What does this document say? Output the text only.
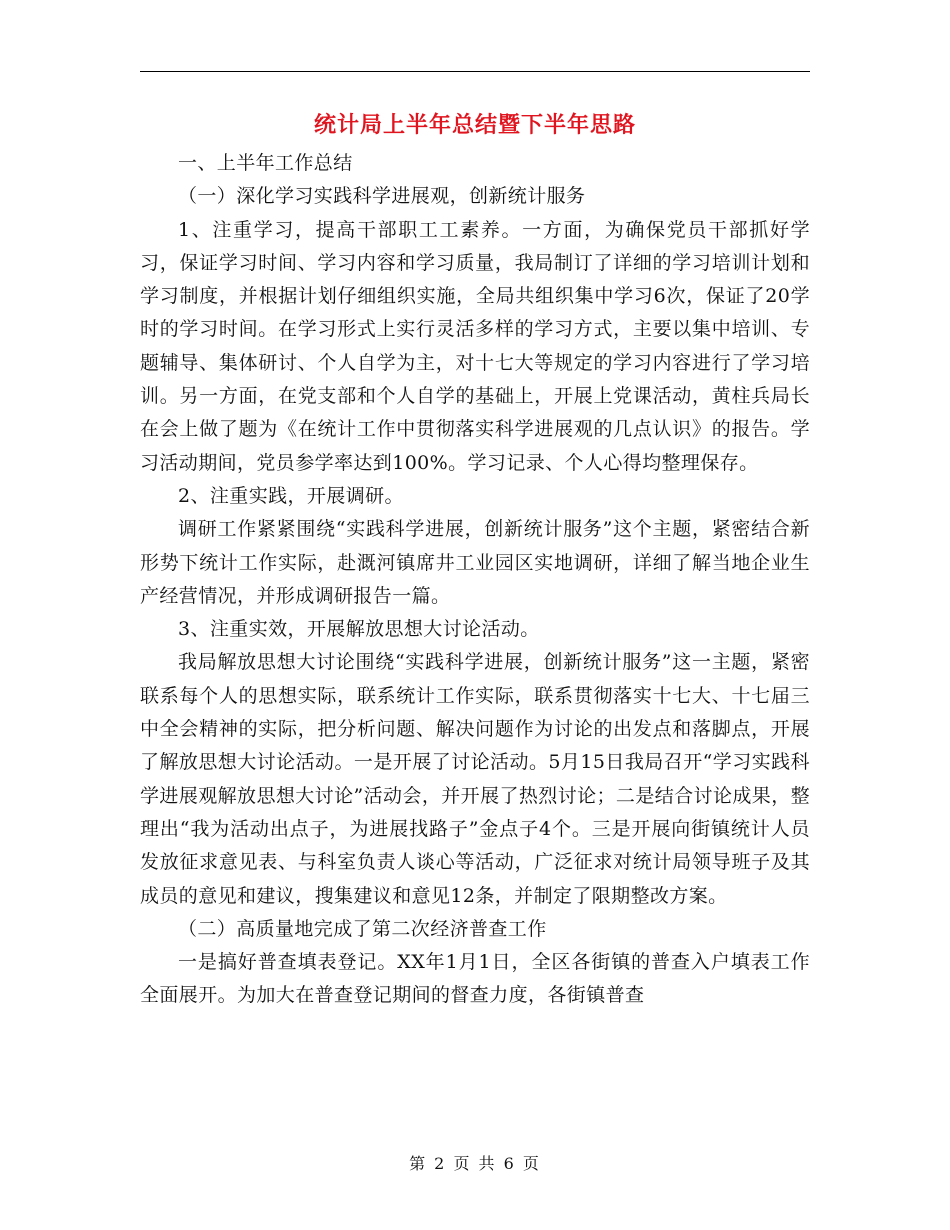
统计局上半年总结暨下半年思路

一、上半年工作总结

（一）深化学习实践科学进展观，创新统计服务

1、注重学习，提高干部职工工素养。一方面，为确保党员干部抓好学习，保证学习时间、学习内容和学习质量，我局制订了详细的学习培训计划和学习制度，并根据计划仔细组织实施，全局共组织集中学习6次，保证了20学时的学习时间。在学习形式上实行灵活多样的学习方式，主要以集中培训、专题辅导、集体研讨、个人自学为主，对十七大等规定的学习内容进行了学习培训。另一方面，在党支部和个人自学的基础上，开展上党课活动，黄柱兵局长在会上做了题为《在统计工作中贯彻落实科学进展观的几点认识》的报告。学习活动期间，党员参学率达到100%。学习记录、个人心得均整理保存。

2、注重实践，开展调研。

调研工作紧紧围绕“实践科学进展，创新统计服务”这个主题，紧密结合新形势下统计工作实际，赴溉河镇席井工业园区实地调研，详细了解当地企业生产经营情况，并形成调研报告一篇。

3、注重实效，开展解放思想大讨论活动。

我局解放思想大讨论围绕“实践科学进展，创新统计服务”这一主题，紧密联系每个人的思想实际，联系统计工作实际，联系贯彻落实十七大、十七届三中全会精神的实际，把分析问题、解决问题作为讨论的出发点和落脚点，开展了解放思想大讨论活动。一是开展了讨论活动。5月15日我局召开“学习实践科学进展观解放思想大讨论”活动会，并开展了热烈讨论；二是结合讨论成果，整理出“我为活动出点子，为进展找路子”金点子4个。三是开展向街镇统计人员发放征求意见表、与科室负责人谈心等活动，广泛征求对统计局领导班子及其成员的意见和建议，搜集建议和意见12条，并制定了限期整改方案。

（二）高质量地完成了第二次经济普查工作

一是搞好普查填表登记。XX年1月1日，全区各街镇的普查入户填表工作全面展开。为加大在普查登记期间的督查力度，各街镇普查

第 2 页 共 6 页
